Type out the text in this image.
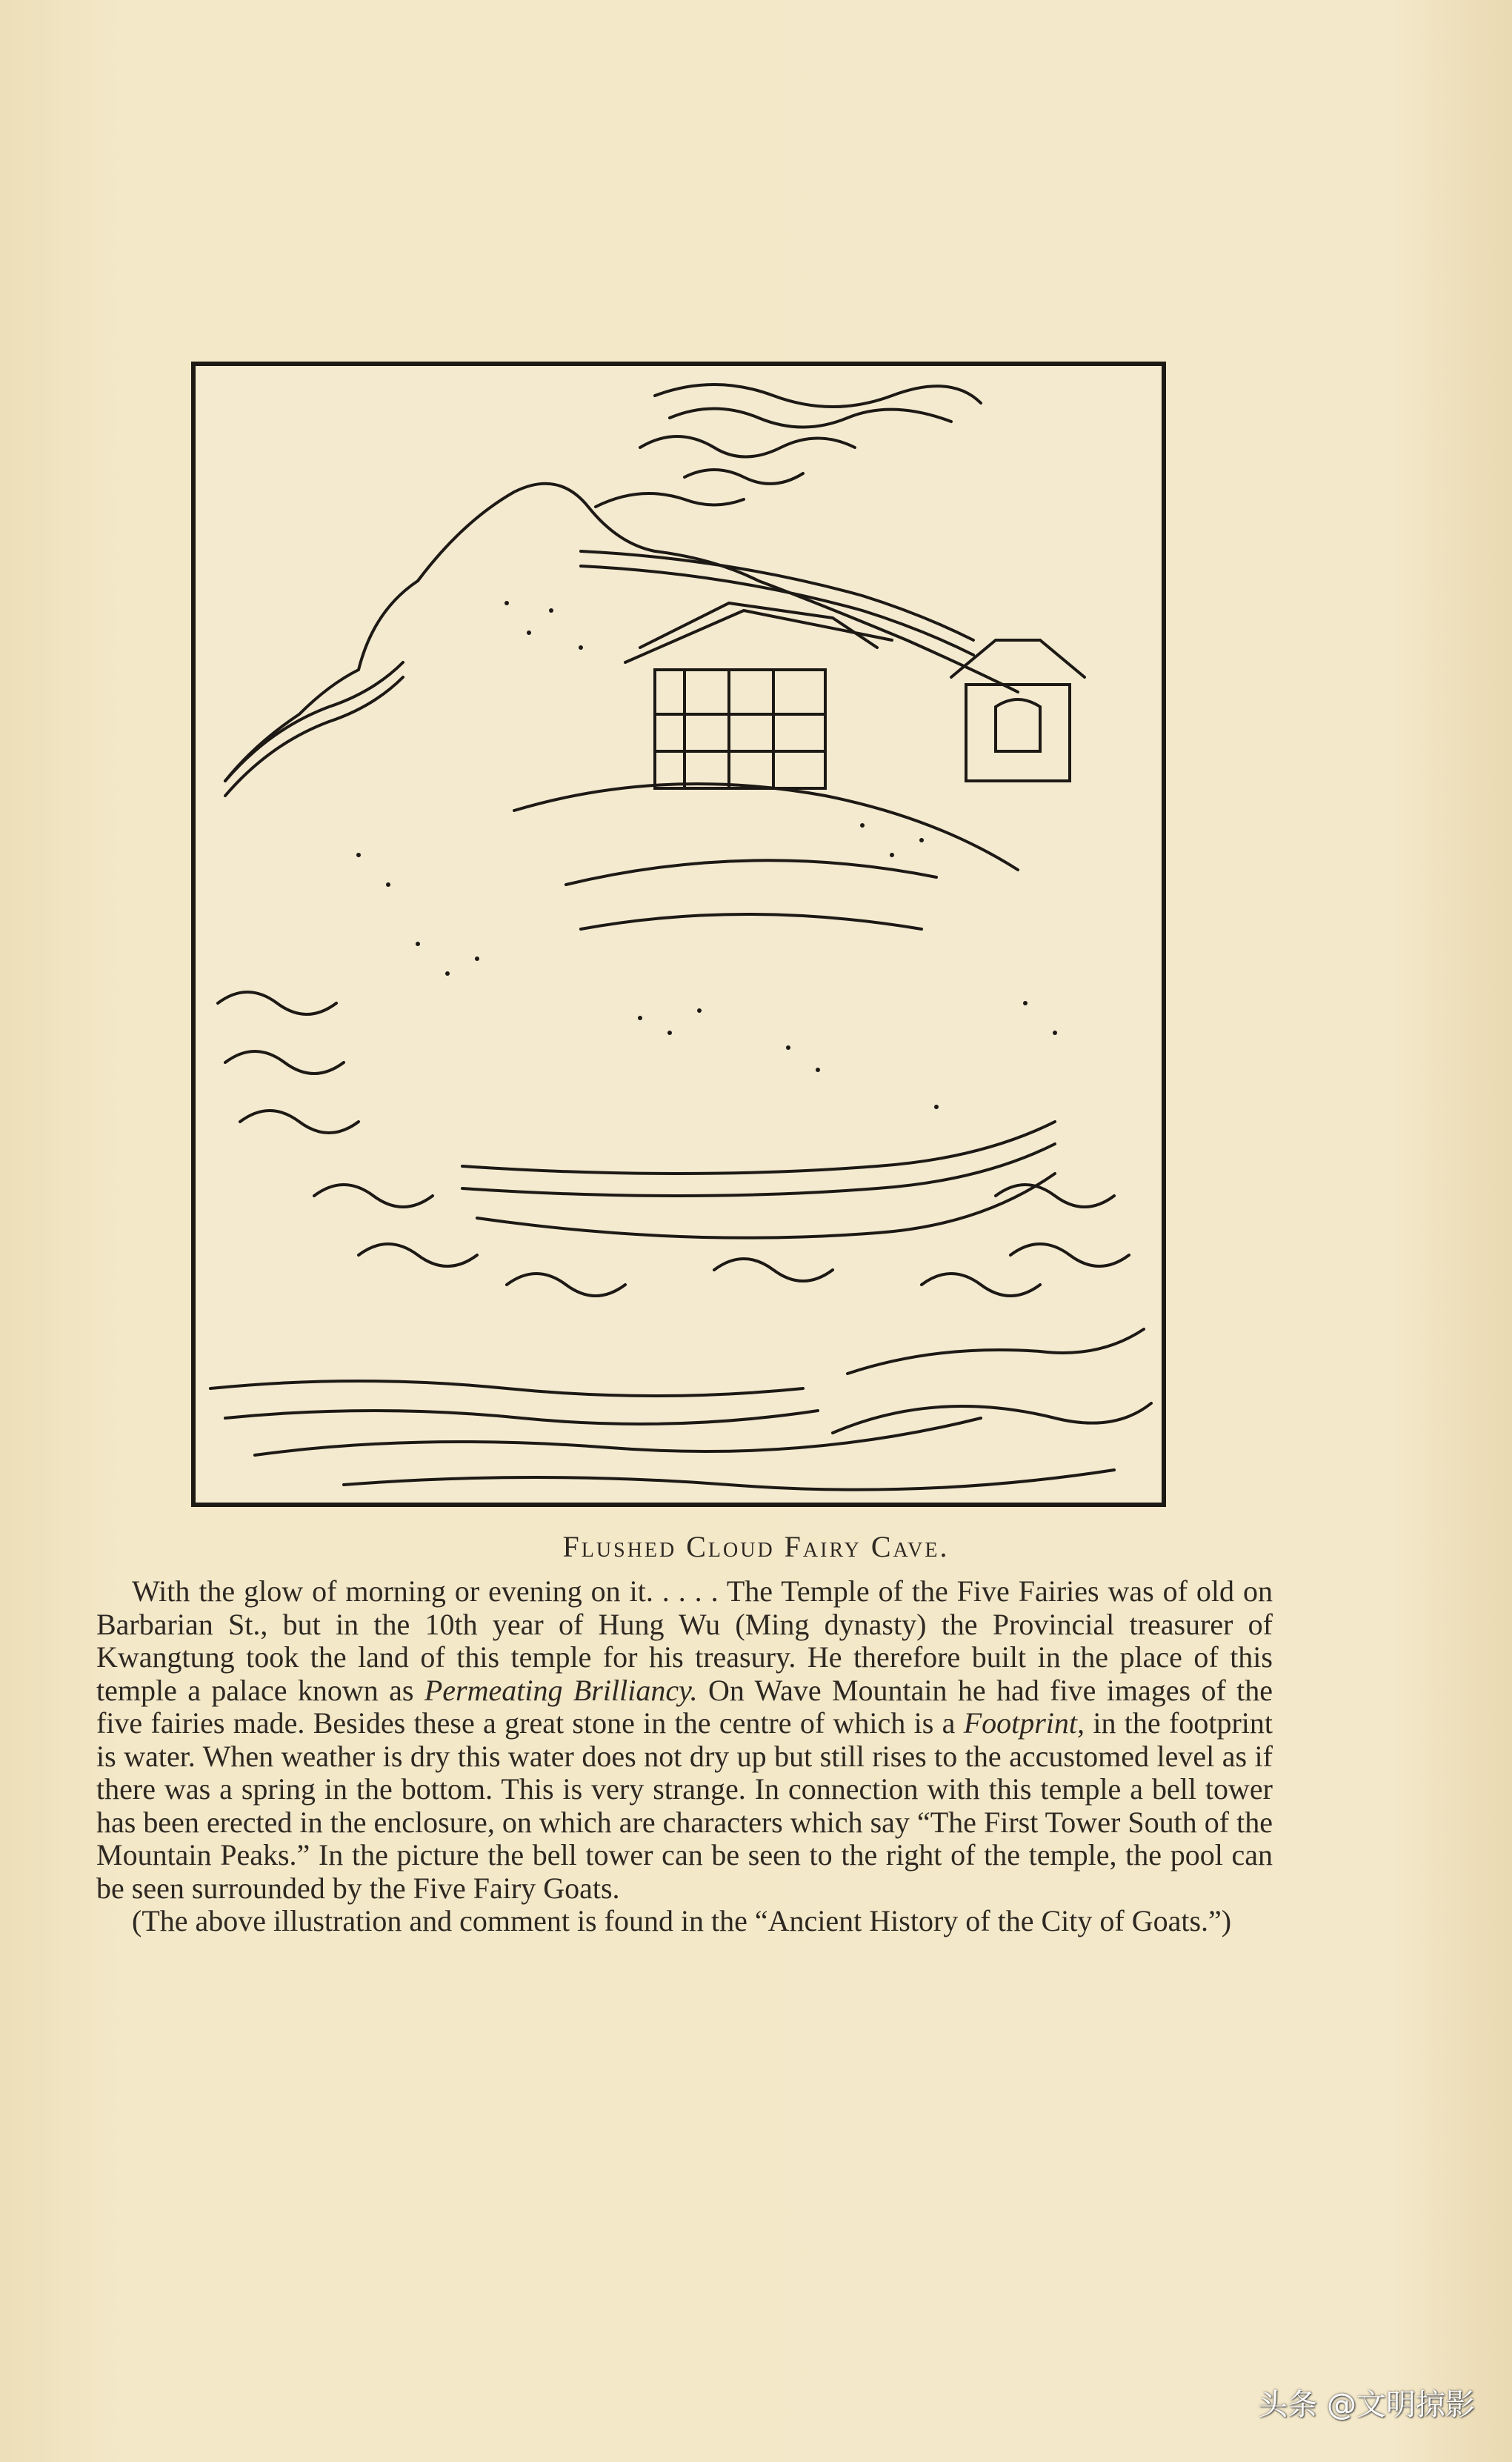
Flushed Cloud Fairy Cave.

With the glow of morning or evening on it. . . . . The Temple of the Five Fairies was of old on Barbarian St., but in the 10th year of Hung Wu (Ming dynasty) the Provincial treasurer of Kwangtung took the land of this temple for his treasury. He therefore built in the place of this temple a palace known as Permeating Brilliancy. On Wave Mountain he had five images of the five fairies made. Besides these a great stone in the centre of which is a Footprint, in the footprint is water. When weather is dry this water does not dry up but still rises to the accustomed level as if there was a spring in the bottom. This is very strange. In connection with this temple a bell tower has been erected in the enclosure, on which are characters which say “The First Tower South of the Mountain Peaks.” In the picture the bell tower can be seen to the right of the temple, the pool can be seen surrounded by the Five Fairy Goats.

(The above illustration and comment is found in the “Ancient History of the City of Goats.”)

头条 @文明掠影
